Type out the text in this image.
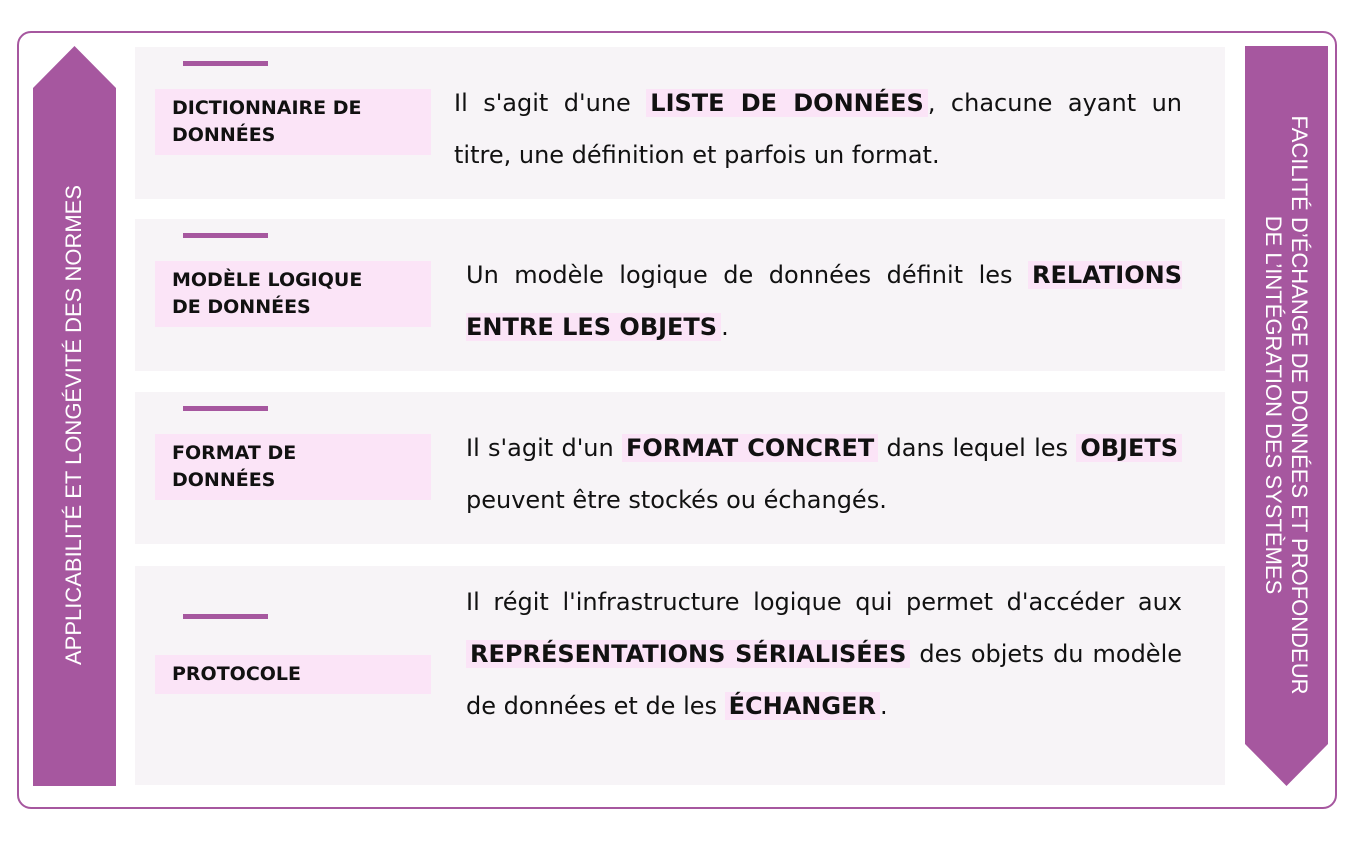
APPLICABILITÉ ET LONGÉVITÉ DES NORMES	FACILITÉ D’ÉCHANGE DE DONNÉES ET PROFONDEUR
DE L’INTÉGRATION DES SYSTÈMES
DICTIONNAIRE DE
DONNÉES
Il s'agit d'une LISTE DE DONNÉES , chacune ayant un titre, une définition et parfois un format.
MODÈLE LOGIQUE
DE DONNÉES
Un modèle logique de données définit les RELATIONS ENTRE LES OBJETS .
FORMAT DE
DONNÉES
Il s'agit d'un FORMAT CONCRET dans lequel les OBJETS peuvent être stockés ou échangés.
PROTOCOLE
Il régit l'infrastructure logique qui permet d'accéder aux REPRÉSENTATIONS SÉRIALISÉES des objets du modèle de données et de les ÉCHANGER .
